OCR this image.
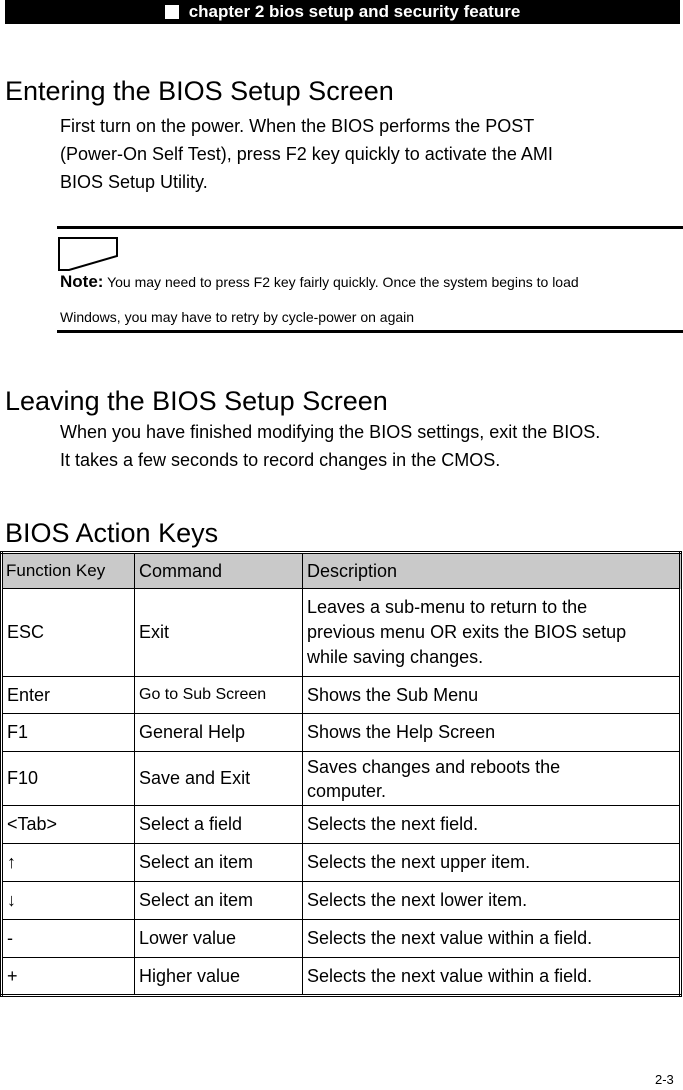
chapter 2 bios setup and security feature
Entering the BIOS Setup Screen

First turn on the power. When the BIOS performs the POST
(Power-On Self Test), press F2 key quickly to activate the AMI
BIOS Setup Utility.

Note: You may need to press F2 key fairly quickly. Once the system begins to load

Windows, you may have to retry by cycle-power on again

Leaving the BIOS Setup Screen

When you have finished modifying the BIOS settings, exit the BIOS.
It takes a few seconds to record changes in the CMOS.

BIOS Action Keys
Function Key	Command	Description
ESC	Exit	Leaves a sub-menu to return to the
previous menu OR exits the BIOS setup
while saving changes.
Enter	Go to Sub Screen	Shows the Sub Menu
F1	General Help	Shows the Help Screen
F10	Save and Exit	Saves changes and reboots the
computer.
<Tab>	Select a field	Selects the next field.
↑	Select an item	Selects the next upper item.
↓	Select an item	Selects the next lower item.
-	Lower value	Selects the next value within a field.
+	Higher value	Selects the next value within a field.
2-3
